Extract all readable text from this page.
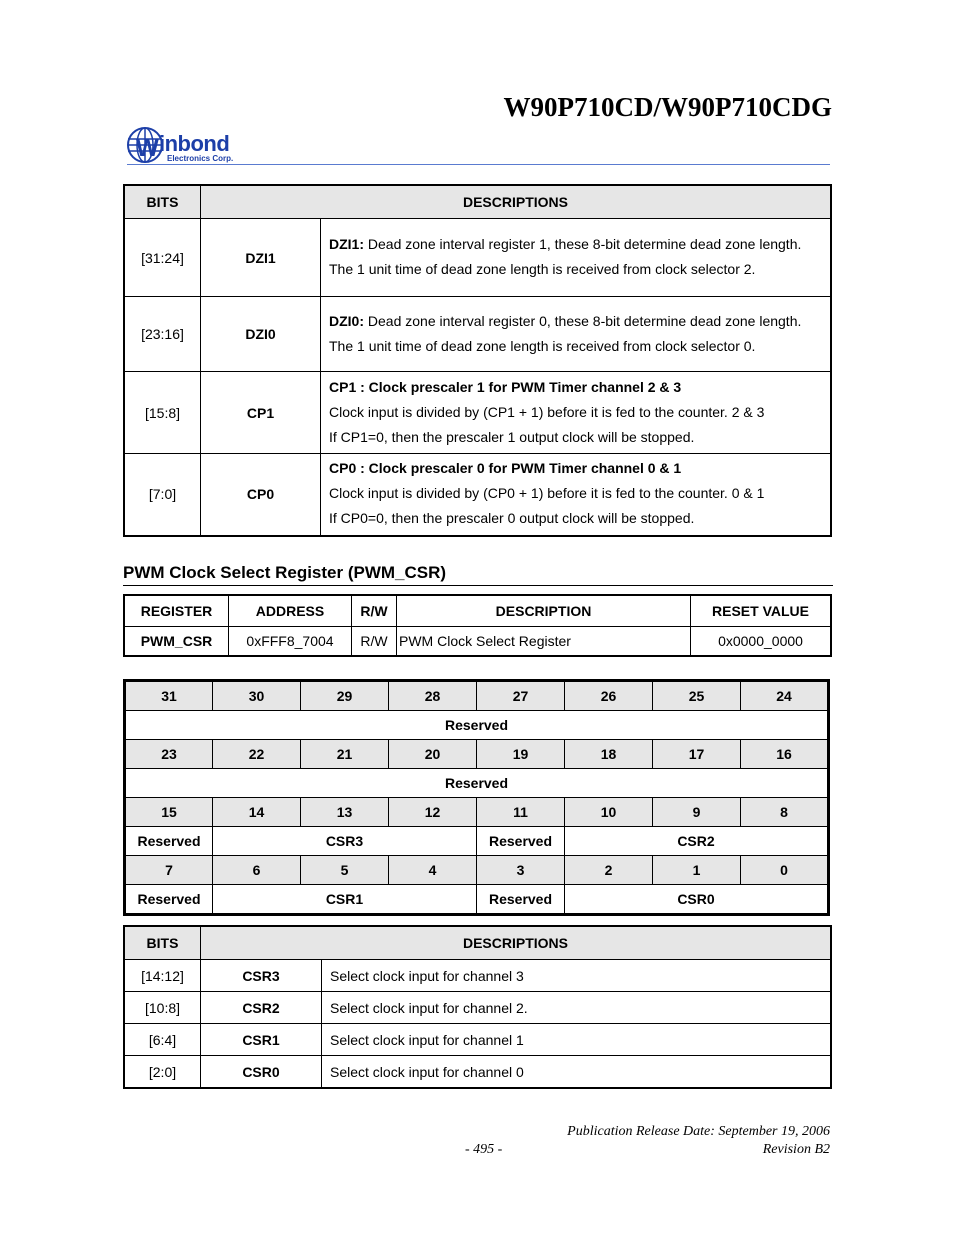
W90P710CD/W90P710CDG
W inbond
Electronics Corp.
BITS	DESCRIPTIONS	
[31:24]	DZI1	DZI1: Dead zone interval register 1, these 8-bit determine dead zone length.

The 1 unit time of dead zone length is received from clock selector 2.

[23:16]	DZI0	DZI0: Dead zone interval register 0, these 8-bit determine dead zone length.

The 1 unit time of dead zone length is received from clock selector 0.

[15:8]	CP1	CP1 : Clock prescaler 1 for PWM Timer channel 2 & 3

Clock input is divided by (CP1 + 1) before it is fed to the counter. 2 & 3

If CP1=0, then the prescaler 1 output clock will be stopped.

[7:0]	CP0	CP0 : Clock prescaler 0 for PWM Timer channel 0 & 1

Clock input is divided by (CP0 + 1) before it is fed to the counter. 0 & 1

If CP0=0, then the prescaler 0 output clock will be stopped.

PWM Clock Select Register (PWM_CSR)
REGISTER	ADDRESS	R/W	DESCRIPTION	RESET VALUE
PWM_CSR	0xFFF8_7004	R/W	PWM Clock Select Register	0x0000_0000
31	30	29	28	27	26	25	24
Reserved							
23	22	21	20	19	18	17	16
Reserved							
15	14	13	12	11	10	9	8
Reserved	CSR3			Reserved	CSR2		
7	6	5	4	3	2	1	0
Reserved	CSR1			Reserved	CSR0		
BITS	DESCRIPTIONS	
[14:12]	CSR3	Select clock input for channel 3
[10:8]	CSR2	Select clock input for channel 2.
[6:4]	CSR1	Select clock input for channel 1
[2:0]	CSR0	Select clock input for channel 0
Publication Release Date: September 19, 2006
- 495 -	Revision B2
